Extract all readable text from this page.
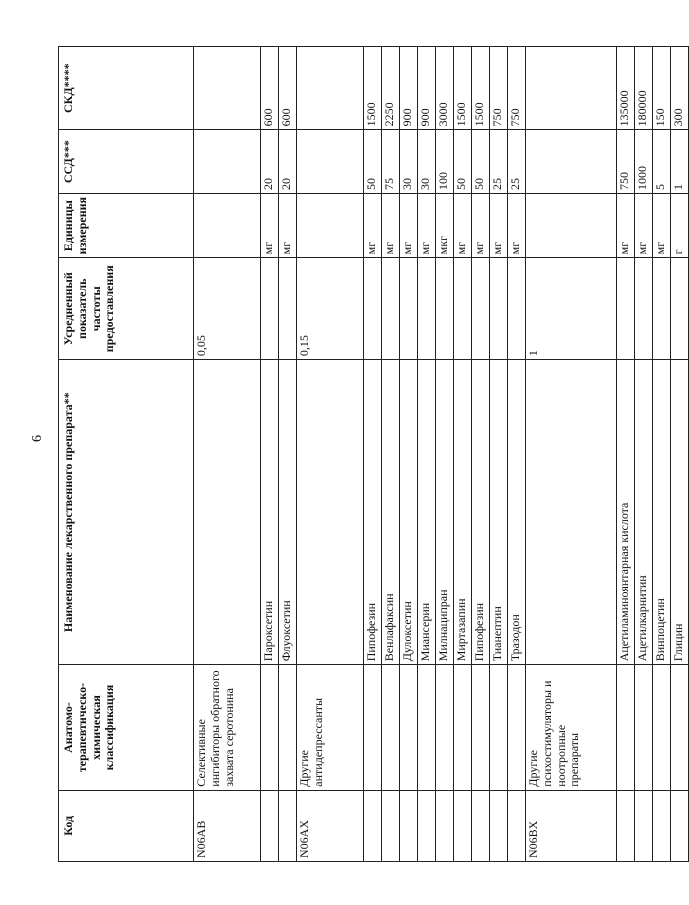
6
Код	Анатомо-терапевтическо-химическая классификация	Наименование лекарственного препарата**	Усредненный показатель частоты предоставления	Единицы измерения	ССД***	СКД****
N06AB	Селективные ингибиторы обратного захвата серотонина		0,05			
		Пароксетин		мг	20	600
		Флуоксетин		мг	20	600
N06AX	Другие антидепрессанты		0,15			
		Пипофезин		мг	50	1500
		Венлафаксин		мг	75	2250
		Дулоксетин		мг	30	900
		Миансерин		мг	30	900
		Милнаципран		мкг	100	3000
		Миртазапин		мг	50	1500
		Пипофезин		мг	50	1500
		Тианептин		мг	25	750
		Тразодон		мг	25	750
N06BX	Другие психостимуляторы и ноотропные препараты		1			
		Ацетиламиноянтарная кислота		мг	750	135000
		Ацетилкарнитин		мг	1000	180000
		Винпоцетин		мг	5	150
		Глицин		г	1	300
